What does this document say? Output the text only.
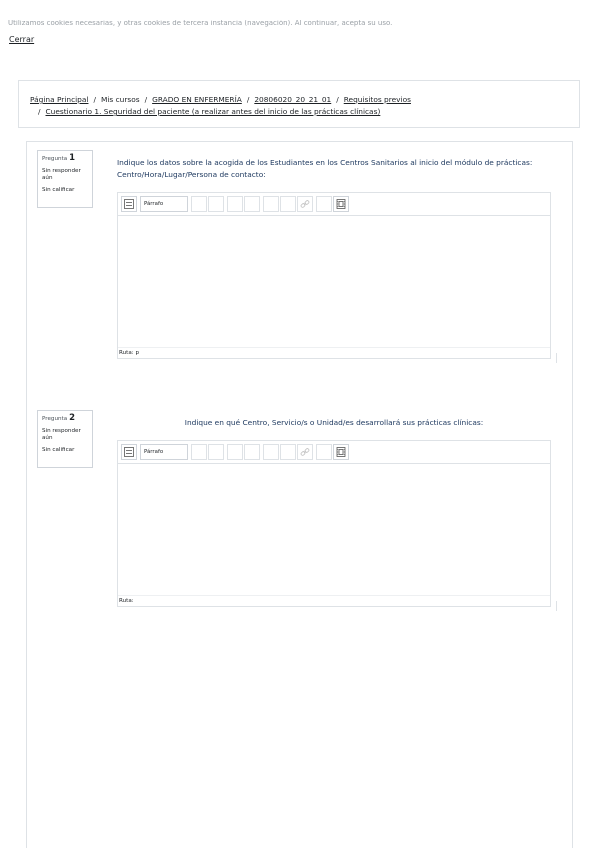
Utilizamos cookies necesarias, y otras cookies de tercera instancia (navegación). Al continuar, acepta su uso.
Cerrar
Página Principal / Mis cursos / GRADO EN ENFERMERÍA / 20806020_20_21_01 / Requisitos previos
/ Cuestionario 1. Seguridad del paciente (a realizar antes del inicio de las prácticas clínicas)
Pregunta 1
Sin responder aún
Sin calificar
Indique los datos sobre la acogida de los Estudiantes en los Centros Sanitarios al inicio del módulo de prácticas:
Centro/Hora/Lugar/Persona de contacto:
Párrafo
Ruta: p
Pregunta 2
Sin responder aún
Sin calificar
Indique en qué Centro, Servicio/s o Unidad/es desarrollará sus prácticas clínicas:
Párrafo
Ruta:
